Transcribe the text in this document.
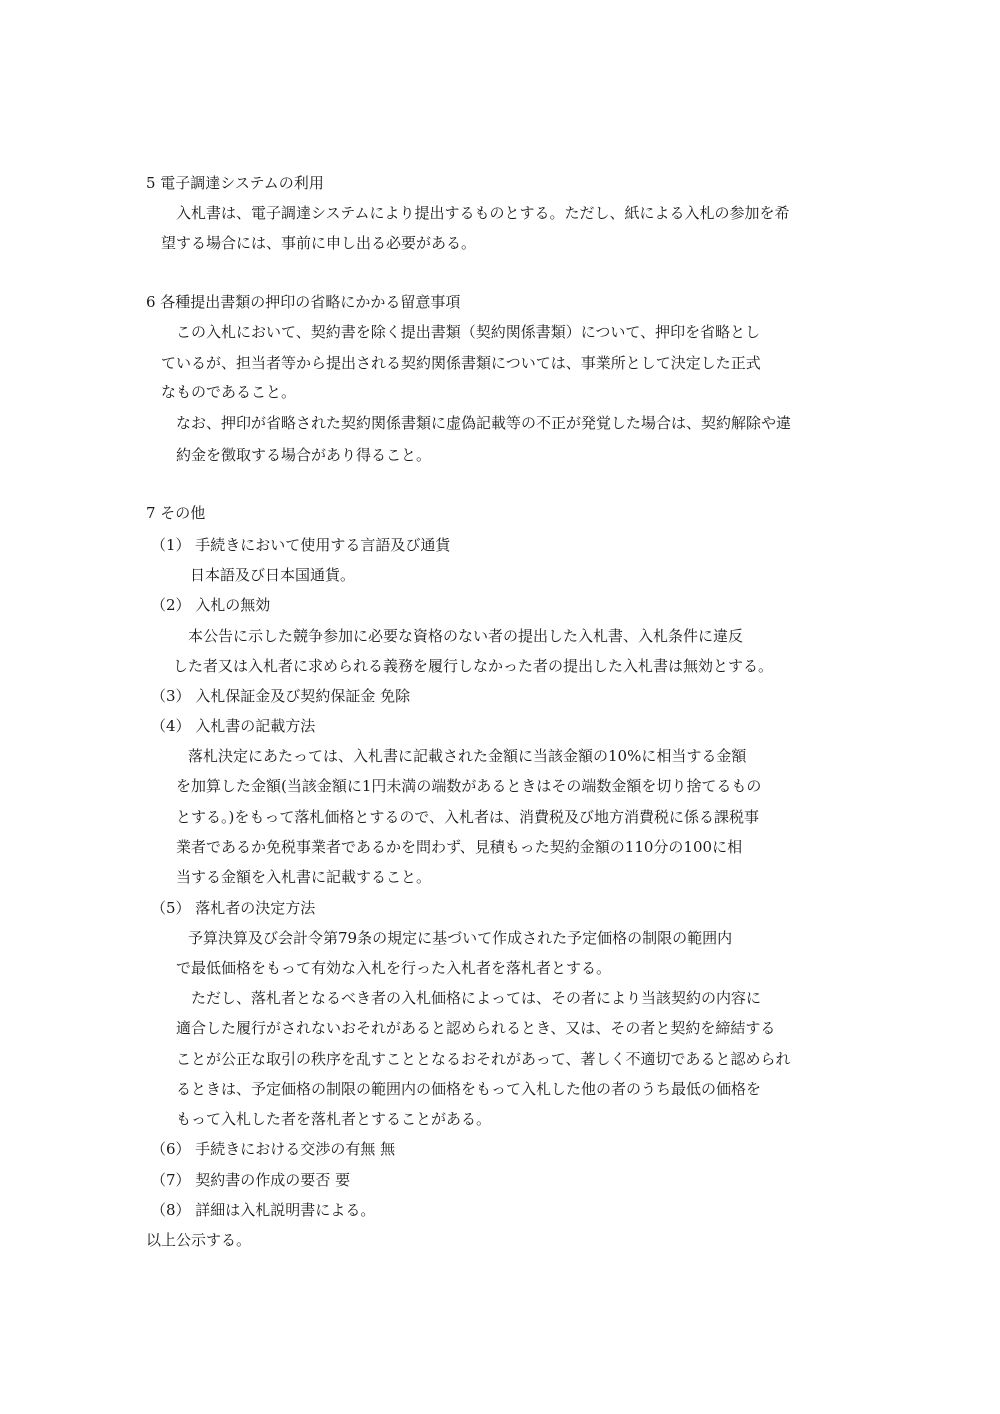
5 電子調達システムの利用
入札書は、電子調達システムにより提出するものとする。ただし、紙による入札の参加を希
望する場合には、事前に申し出る必要がある。
6 各種提出書類の押印の省略にかかる留意事項
この入札において、契約書を除く提出書類（契約関係書類）について、押印を省略とし
ているが、担当者等から提出される契約関係書類については、事業所として決定した正式
なものであること。
なお、押印が省略された契約関係書類に虚偽記載等の不正が発覚した場合は、契約解除や違
約金を徴取する場合があり得ること。
7 その他
（1） 手続きにおいて使用する言語及び通貨
日本語及び日本国通貨。
（2） 入札の無効
本公告に示した競争参加に必要な資格のない者の提出した入札書、入札条件に違反
した者又は入札者に求められる義務を履行しなかった者の提出した入札書は無効とする。
（3） 入札保証金及び契約保証金 免除
（4） 入札書の記載方法
落札決定にあたっては、入札書に記載された金額に当該金額の10%に相当する金額
を加算した金額(当該金額に1円未満の端数があるときはその端数金額を切り捨てるもの
とする。)をもって落札価格とするので、入札者は、消費税及び地方消費税に係る課税事
業者であるか免税事業者であるかを問わず、見積もった契約金額の110分の100に相
当する金額を入札書に記載すること。
（5） 落札者の決定方法
予算決算及び会計令第79条の規定に基づいて作成された予定価格の制限の範囲内
で最低価格をもって有効な入札を行った入札者を落札者とする。
ただし、落札者となるべき者の入札価格によっては、その者により当該契約の内容に
適合した履行がされないおそれがあると認められるとき、又は、その者と契約を締結する
ことが公正な取引の秩序を乱すこととなるおそれがあって、著しく不適切であると認められ
るときは、予定価格の制限の範囲内の価格をもって入札した他の者のうち最低の価格を
もって入札した者を落札者とすることがある。
（6） 手続きにおける交渉の有無 無
（7） 契約書の作成の要否 要
（8） 詳細は入札説明書による。
以上公示する。
